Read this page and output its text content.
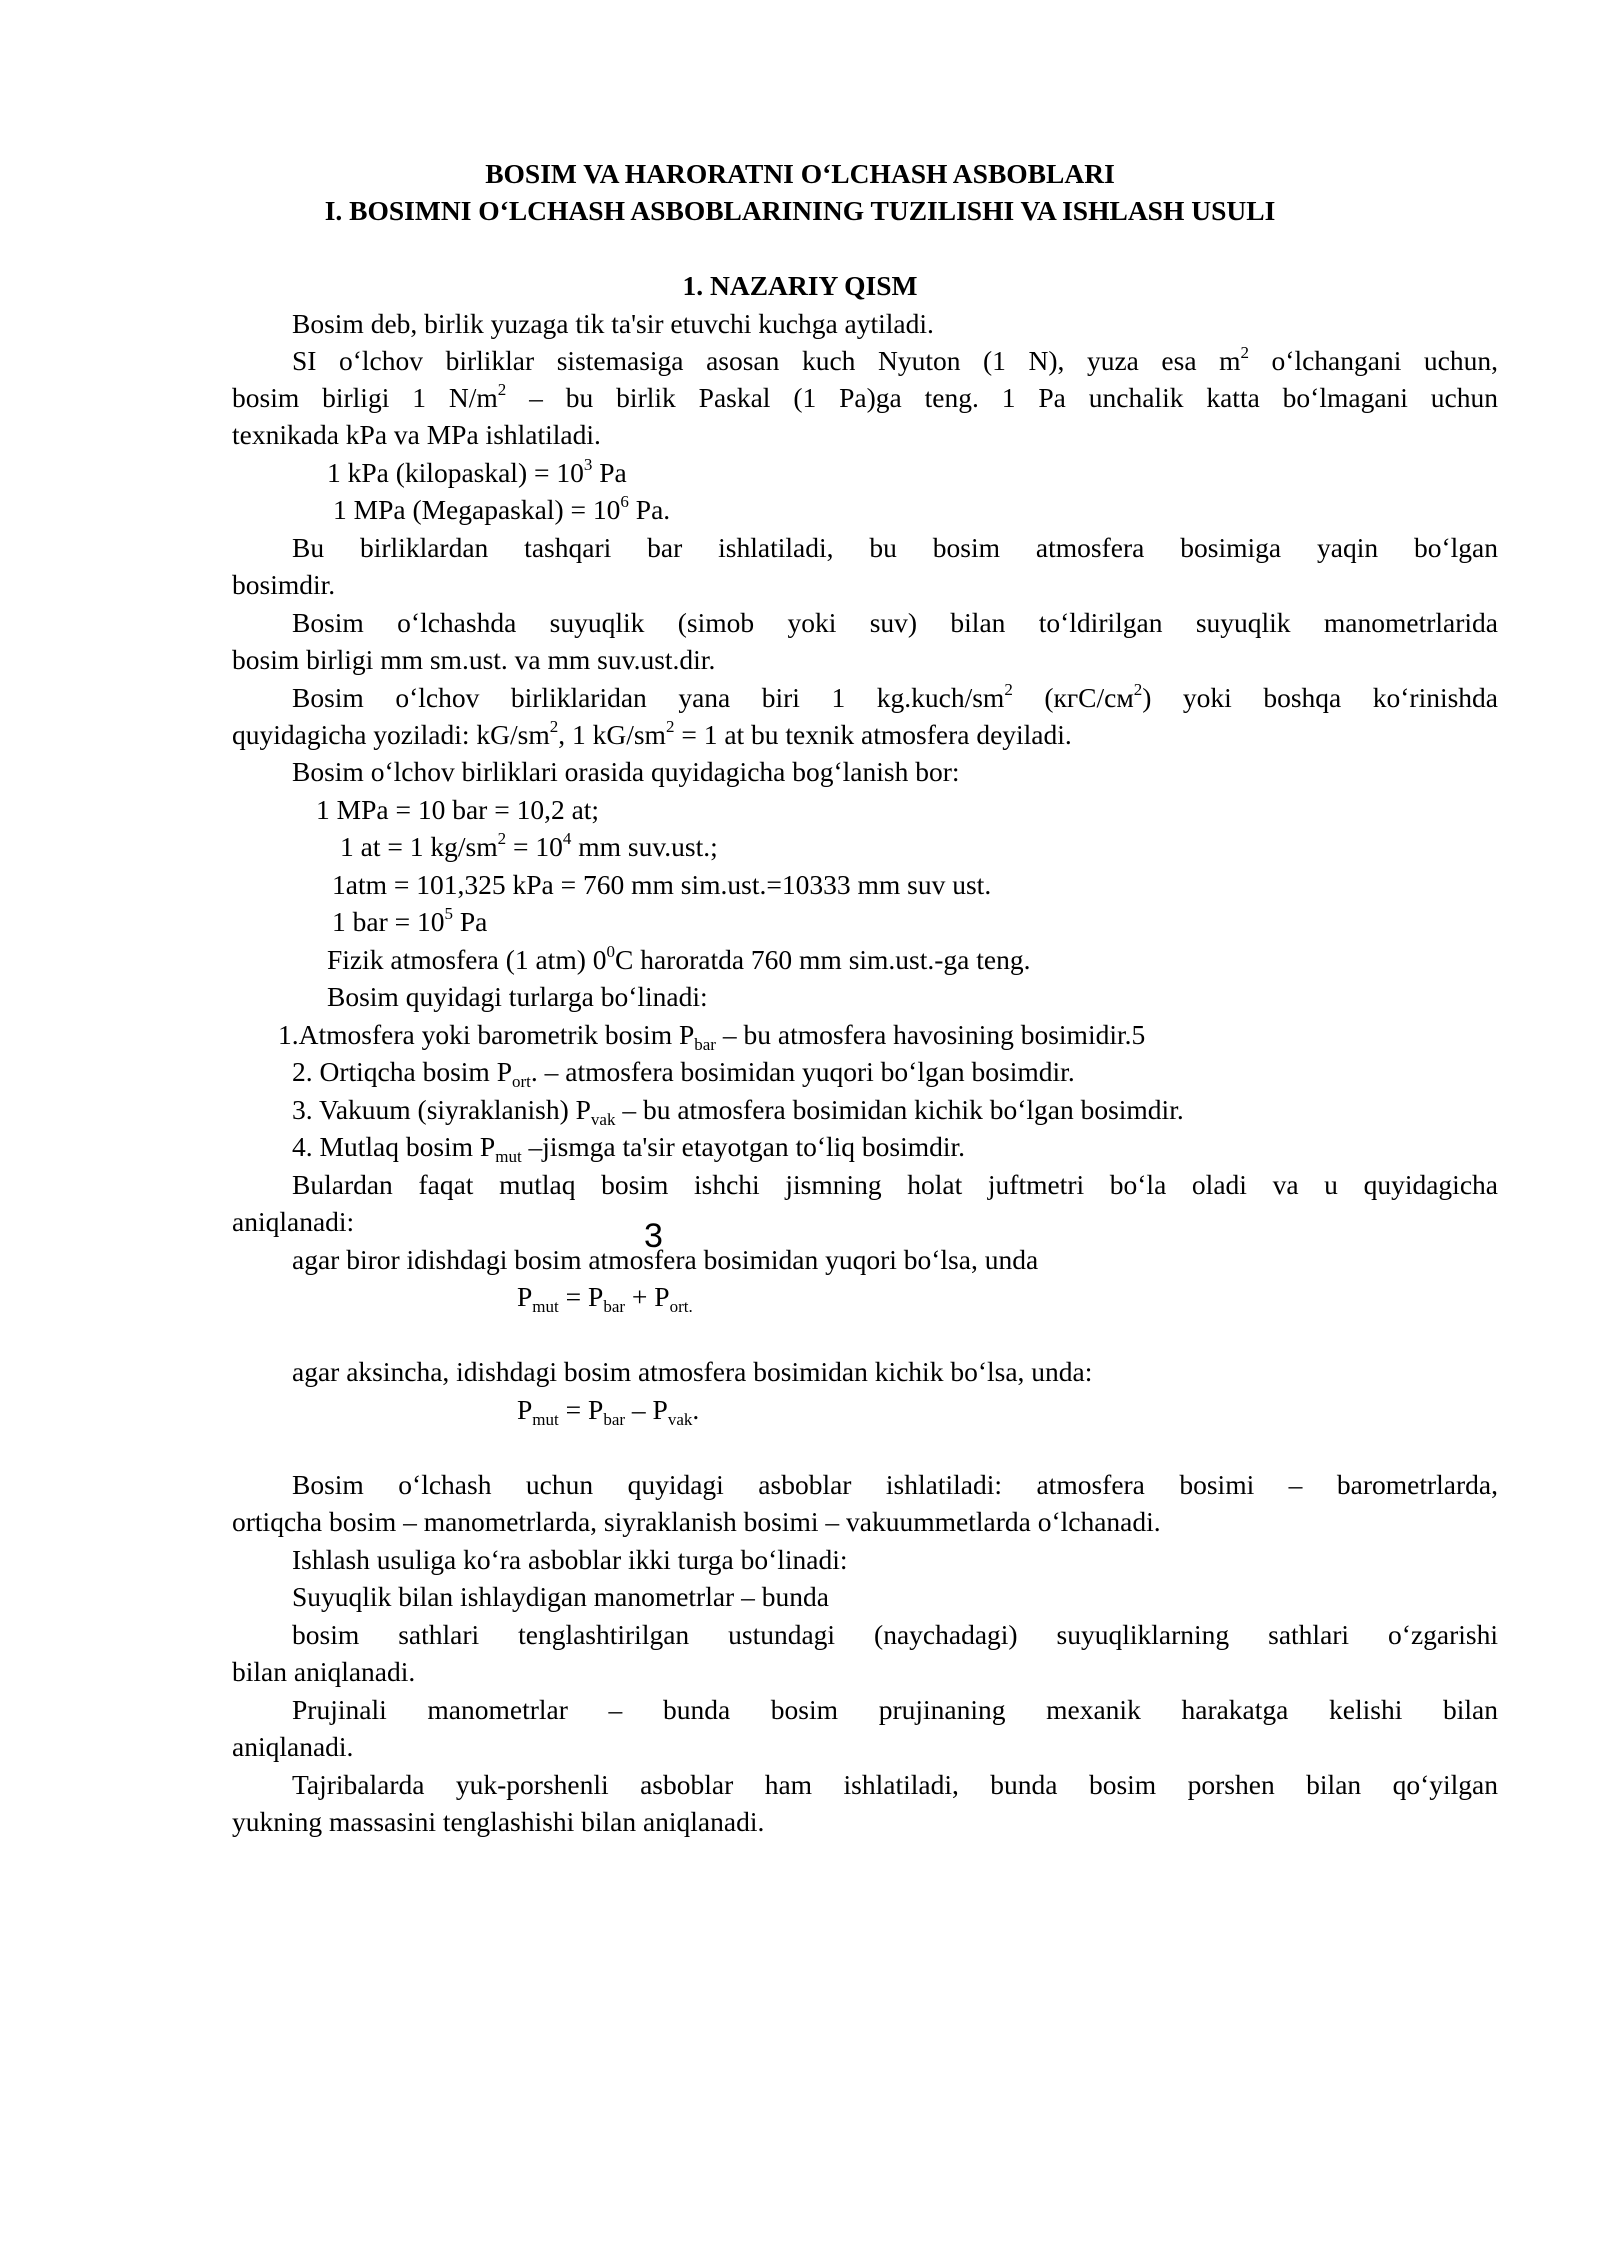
BOSIM VA HARORATNI O‘LCHASH ASBOBLARI
I. BOSIMNI O‘LCHASH ASBOBLARINING TUZILISHI VA ISHLASH USULI
1. NAZARIY QISM
Bosim deb, birlik yuzaga tik ta'sir etuvchi kuchga aytiladi.
SI o‘lchov birliklar sistemasiga asosan kuch Nyuton (1 N), yuza esa $m^2$ o‘lchangani uchun,
bosim birligi 1 $N/m^2$ – bu birlik Paskal (1 Pa)ga teng. 1 Pa unchalik katta bo‘lmagani uchun
texnikada kPa va MPa ishlatiladi.
1 kPa (kilopaskal) = $10^3$ Pa
1 MPa (Megapaskal) = $10^6$ Pa.
Bu birliklardan tashqari bar ishlatiladi, bu bosim atmosfera bosimiga yaqin bo‘lgan
bosimdir.
Bosim o‘lchashda suyuqlik (simob yoki suv) bilan to‘ldirilgan suyuqlik manometrlarida
bosim birligi mm sm.ust. va mm suv.ust.dir.
Bosim o‘lchov birliklaridan yana biri 1 $kg.kuch/sm^2$ $(кгС/см^2)$ yoki boshqa ko‘rinishda
quyidagicha yoziladi: $kG/sm^2$, 1 $kG/sm^2 = 1$ at bu texnik atmosfera deyiladi.
Bosim o‘lchov birliklari orasida quyidagicha bog‘lanish bor:
1 MPa = 10 bar = 10,2 at;
1 at = 1 $kg/sm^2 = 10^4$ mm suv.ust.;
1atm = 101,325 kPa = 760 mm sim.ust.=10333 mm suv ust.
1 bar = $10^5$ Pa
Fizik atmosfera (1 atm) $0^0C$ haroratda 760 mm sim.ust.-ga teng.
Bosim quyidagi turlarga bo‘linadi:
1.Atmosfera yoki barometrik bosim $P_{bar}$ – bu atmosfera havosining bosimidir.5
2. Ortiqcha bosim $P_{ort}$. – atmosfera bosimidan yuqori bo‘lgan bosimdir.
3. Vakuum (siyraklanish) $P_{vak}$ – bu atmosfera bosimidan kichik bo‘lgan bosimdir.
4. Mutlaq bosim $P_{mut}$ –jismga ta'sir etayotgan to‘liq bosimdir.
Bulardan faqat mutlaq bosim ishchi jismning holat juftmetri bo‘la oladi va u quyidagicha
aniqlanadi:
agar biror idishdagi bosim atmosfera bosimidan yuqori bo‘lsa, unda
3
$P_{mut} = P_{bar} + P_{ort.}$
agar aksincha, idishdagi bosim atmosfera bosimidan kichik bo‘lsa, unda:
$P_{mut} = P_{bar} - P_{vak}$.
Bosim o‘lchash uchun quyidagi asboblar ishlatiladi: atmosfera bosimi – barometrlarda,
ortiqcha bosim – manometrlarda, siyraklanish bosimi – vakuummetlarda o‘lchanadi.
Ishlash usuliga ko‘ra asboblar ikki turga bo‘linadi:
Suyuqlik bilan ishlaydigan manometrlar – bunda
bosim sathlari tenglashtirilgan ustundagi (naychadagi) suyuqliklarning sathlari o‘zgarishi
bilan aniqlanadi.
Prujinali manometrlar – bunda bosim prujinaning mexanik harakatga kelishi bilan
aniqlanadi.
Tajribalarda yuk-porshenli asboblar ham ishlatiladi, bunda bosim porshen bilan qo‘yilgan
yukning massasini tenglashishi bilan aniqlanadi.
